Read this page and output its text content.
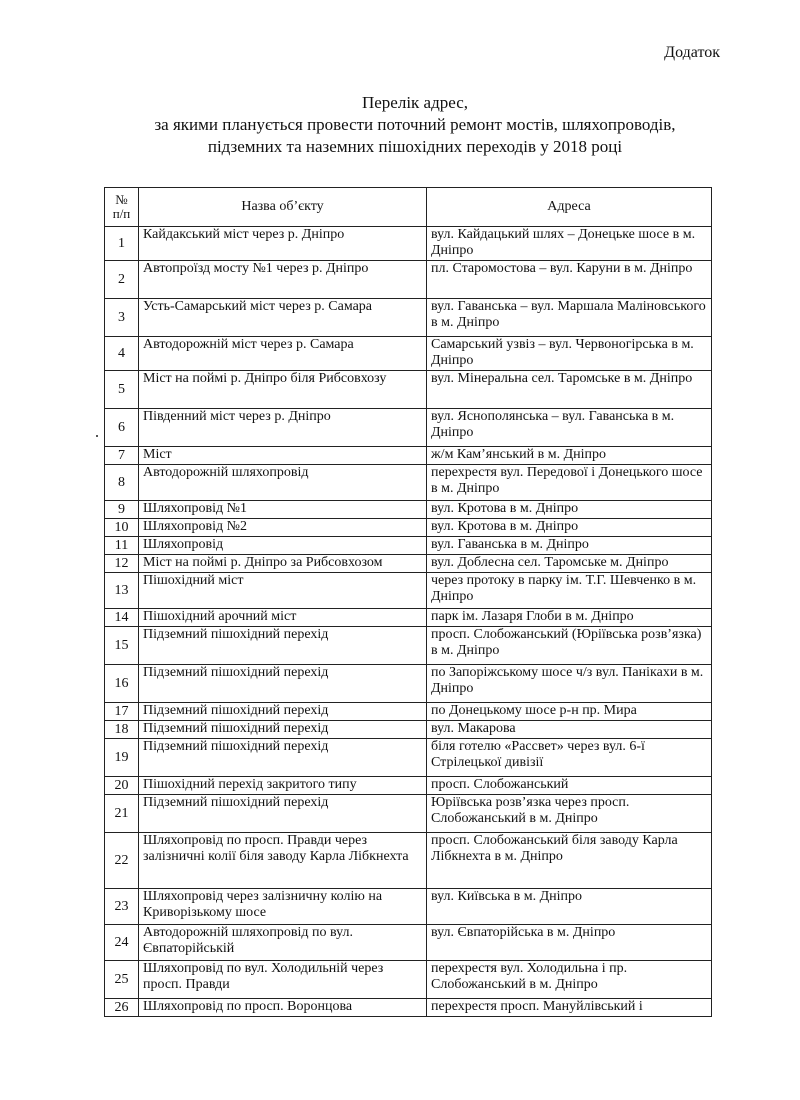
Додаток
Перелік адрес,
за якими планується провести поточний ремонт мостів, шляхопроводів,
підземних та наземних пішохідних переходів у 2018 році
№
п/п	Назва об’єкту	Адреса
1	Кайдакський міст через р. Дніпро	вул. Кайдацький шлях – Донецьке шосе в м. Дніпро
2	Автопроїзд мосту №1 через р. Дніпро	пл. Старомостова – вул. Каруни в м. Дніпро
3	Усть-Самарський міст через р. Самара	вул. Гаванська – вул. Маршала Маліновського в м. Дніпро
4	Автодорожній міст через р. Самара	Самарський узвіз – вул. Червоногірська в м. Дніпро
5	Міст на поймі р. Дніпро біля Рибсовхозу	вул. Мінеральна сел. Таромське в м. Дніпро
6	Південний міст через р. Дніпро	вул. Яснополянська – вул. Гаванська в м. Дніпро
7	Міст	ж/м Кам’янський в м. Дніпро
8	Автодорожній шляхопровід	перехрестя вул. Передової і Донецького шосе в м. Дніпро
9	Шляхопровід №1	вул. Кротова в м. Дніпро
10	Шляхопровід №2	вул. Кротова в м. Дніпро
11	Шляхопровід	вул. Гаванська в м. Дніпро
12	Міст на поймі р. Дніпро за Рибсовхозом	вул. Доблесна сел. Таромське м. Дніпро
13	Пішохідний міст	через протоку в парку ім. Т.Г. Шевченко в м. Дніпро
14	Пішохідний арочний міст	парк ім. Лазаря Глоби в м. Дніпро
15	Підземний пішохідний перехід	просп. Слобожанський (Юріївська розв’язка) в м. Дніпро
16	Підземний пішохідний перехід	по Запоріжському шосе ч/з вул. Панікахи в м. Дніпро
17	Підземний пішохідний перехід	по Донецькому шосе р-н пр. Мира
18	Підземний пішохідний перехід	вул. Макарова
19	Підземний пішохідний перехід	біля готелю «Рассвет» через вул. 6-ї Стрілецької дивізії
20	Пішохідний перехід закритого типу	просп. Слобожанський
21	Підземний пішохідний перехід	Юріївська розв’язка через просп. Слобожанський в м. Дніпро
22	Шляхопровід по просп. Правди через залізничні колії біля заводу Карла Лібкнехта	просп. Слобожанський біля заводу Карла Лібкнехта в м. Дніпро
23	Шляхопровід через залізничну колію на Криворізькому шосе	вул. Київська в м. Дніпро
24	Автодорожній шляхопровід по вул. Євпаторійській	вул. Євпаторійська в м. Дніпро
25	Шляхопровід по вул. Холодильній через просп. Правди	перехрестя вул. Холодильна і пр. Слобожанський в м. Дніпро
26	Шляхопровід по просп. Воронцова	перехрестя просп. Мануйлівський і
